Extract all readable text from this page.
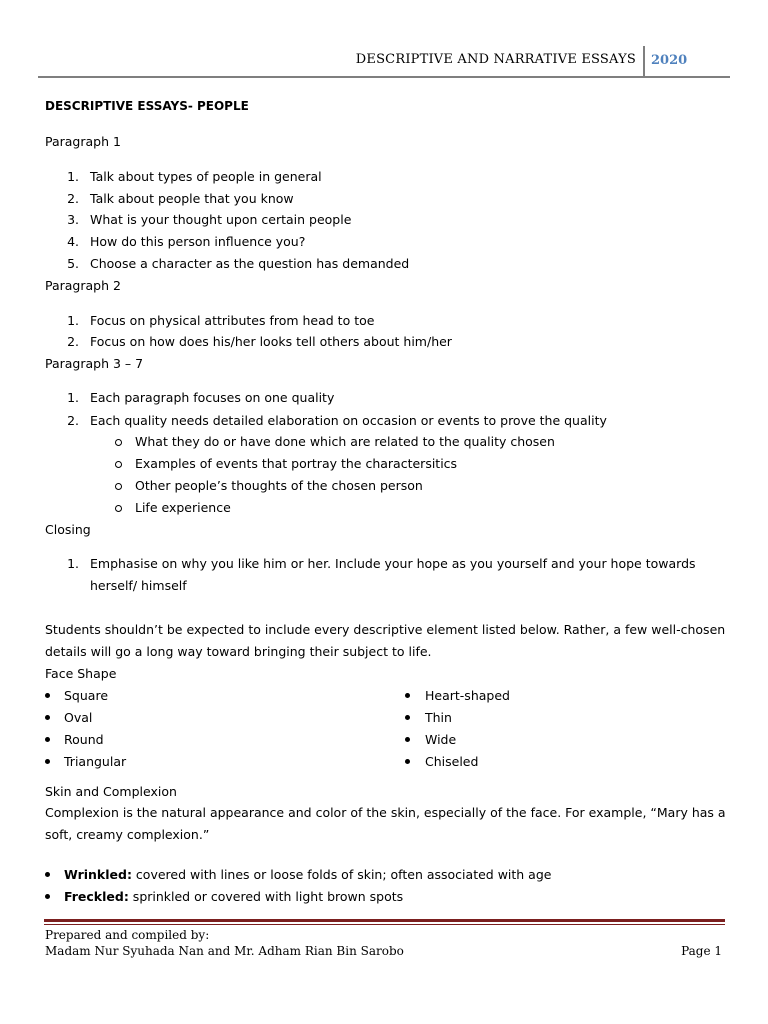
DESCRIPTIVE AND NARRATIVE ESSAYS 2020
DESCRIPTIVE ESSAYS- PEOPLE
Paragraph 1
1. Talk about types of people in general
2. Talk about people that you know
3. What is your thought upon certain people
4. How do this person influence you?
5. Choose a character as the question has demanded
Paragraph 2
1. Focus on physical attributes from head to toe
2. Focus on how does his/her looks tell others about him/her
Paragraph 3 – 7
1. Each paragraph focuses on one quality
2. Each quality needs detailed elaboration on occasion or events to prove the quality
What they do or have done which are related to the quality chosen
Examples of events that portray the charactersitics
Other people’s thoughts of the chosen person
Life experience
Closing
1. Emphasise on why you like him or her. Include your hope as you yourself and your hope towards
herself/ himself
Students shouldn’t be expected to include every descriptive element listed below. Rather, a few well-chosen
details will go a long way toward bringing their subject to life.
Face Shape
Square
Oval
Round
Triangular
Heart-shaped
Thin
Wide
Chiseled
Skin and Complexion
Complexion is the natural appearance and color of the skin, especially of the face. For example, “Mary has a
soft, creamy complexion.”
Wrinkled: covered with lines or loose folds of skin; often associated with age
Freckled: sprinkled or covered with light brown spots
Prepared and compiled by:
Madam Nur Syuhada Nan and Mr. Adham Rian Bin Sarobo	Page 1
